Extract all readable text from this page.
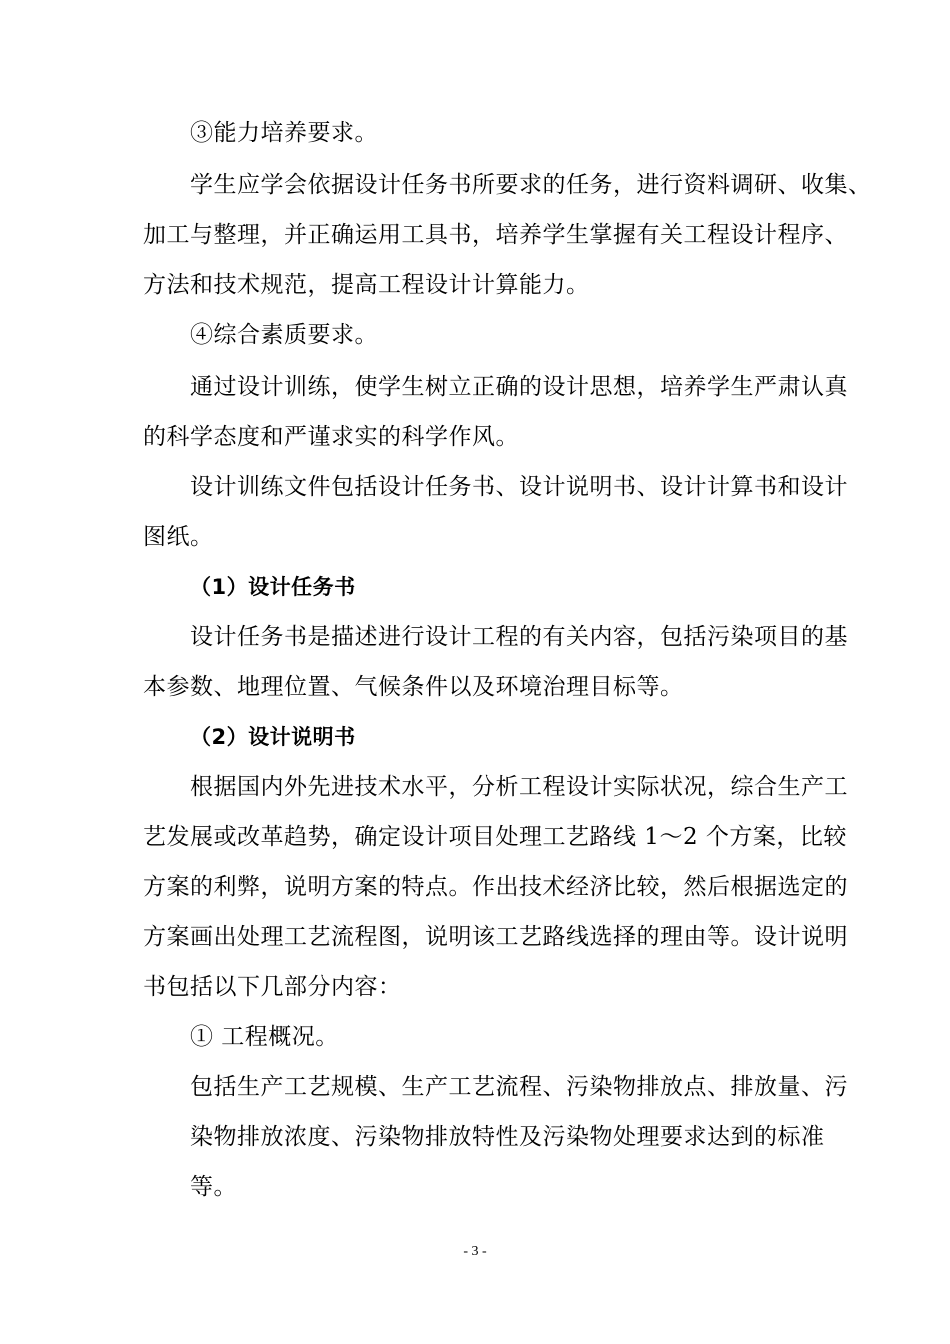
③能力培养要求。
学生应学会依据设计任务书所要求的任务，进行资料调研、收集、
加工与整理，并正确运用工具书，培养学生掌握有关工程设计程序、
方法和技术规范，提高工程设计计算能力。
④综合素质要求。
通过设计训练，使学生树立正确的设计思想，培养学生严肃认真
的科学态度和严谨求实的科学作风。
设计训练文件包括设计任务书、设计说明书、设计计算书和设计
图纸。
（1）设计任务书
设计任务书是描述进行设计工程的有关内容，包括污染项目的基
本参数、地理位置、气候条件以及环境治理目标等。
（2）设计说明书
根据国内外先进技术水平，分析工程设计实际状况，综合生产工
艺发展或改革趋势，确定设计项目处理工艺路线 1～2 个方案，比较
方案的利弊，说明方案的特点。作出技术经济比较，然后根据选定的
方案画出处理工艺流程图，说明该工艺路线选择的理由等。设计说明
书包括以下几部分内容：
① 工程概况。
包括生产工艺规模、生产工艺流程、污染物排放点、排放量、污
染物排放浓度、污染物排放特性及污染物处理要求达到的标准
等。
- 3 -
